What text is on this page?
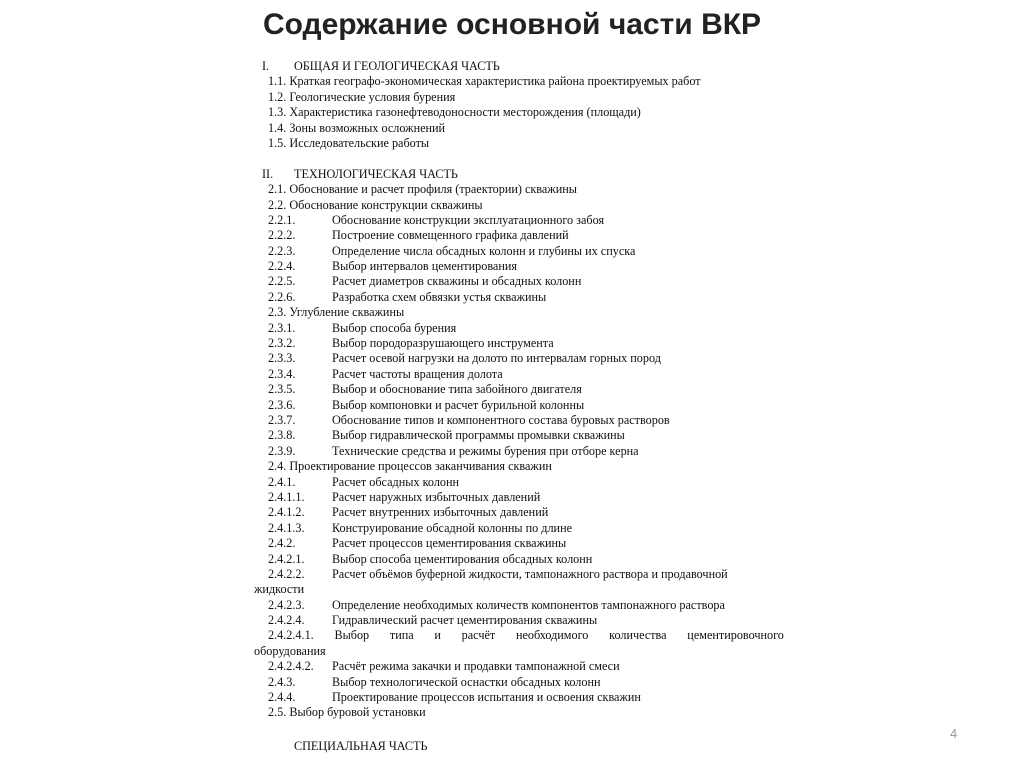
Содержание основной части ВКР
I. ОБЩАЯ И ГЕОЛОГИЧЕСКАЯ ЧАСТЬ
1.1. Краткая географо-экономическая характеристика района проектируемых работ
1.2. Геологические условия бурения
1.3. Характеристика газонефтеводоносности месторождения (площади)
1.4. Зоны возможных осложнений
1.5. Исследовательские работы
II. ТЕХНОЛОГИЧЕСКАЯ ЧАСТЬ
2.1. Обоснование и расчет профиля (траектории) скважины
2.2. Обоснование конструкции скважины
2.2.1.	Обоснование конструкции эксплуатационного забоя
2.2.2.	Построение совмещенного графика давлений
2.2.3.	Определение числа обсадных колонн и глубины их спуска
2.2.4.	Выбор интервалов цементирования
2.2.5.	Расчет диаметров скважины и обсадных колонн
2.2.6.	Разработка схем обвязки устья скважины
2.3. Углубление скважины
2.3.1.	Выбор способа бурения
2.3.2.	Выбор породоразрушающего инструмента
2.3.3.	Расчет осевой нагрузки на долото по интервалам горных пород
2.3.4.	Расчет частоты вращения долота
2.3.5.	Выбор и обоснование типа забойного двигателя
2.3.6.	Выбор компоновки и расчет бурильной колонны
2.3.7.	Обоснование типов и компонентного состава буровых растворов
2.3.8.	Выбор гидравлической программы промывки скважины
2.3.9.	Технические средства и режимы бурения при отборе керна
2.4. Проектирование процессов заканчивания скважин
2.4.1.	Расчет обсадных колонн
2.4.1.1. Расчет наружных избыточных давлений
2.4.1.2. Расчет внутренних избыточных давлений
2.4.1.3. Конструирование обсадной колонны по длине
2.4.2.	Расчет процессов цементирования скважины
2.4.2.1. Выбор способа цементирования обсадных колонн
2.4.2.2. Расчет объёмов буферной жидкости, тампонажного раствора и продавочной
жидкости
2.4.2.3. Определение необходимых количеств компонентов тампонажного раствора
2.4.2.4. Гидравлический расчет цементирования скважины
2.4.2.4.1. Выбор типа и расчёт необходимого количества цементировочного
оборудования
2.4.2.4.2. Расчёт режима закачки и продавки тампонажной смеси
2.4.3.	Выбор технологической оснастки обсадных колонн
2.4.4.	Проектирование процессов испытания и освоения скважин
2.5. Выбор буровой установки
СПЕЦИАЛЬНАЯ ЧАСТЬ
4
